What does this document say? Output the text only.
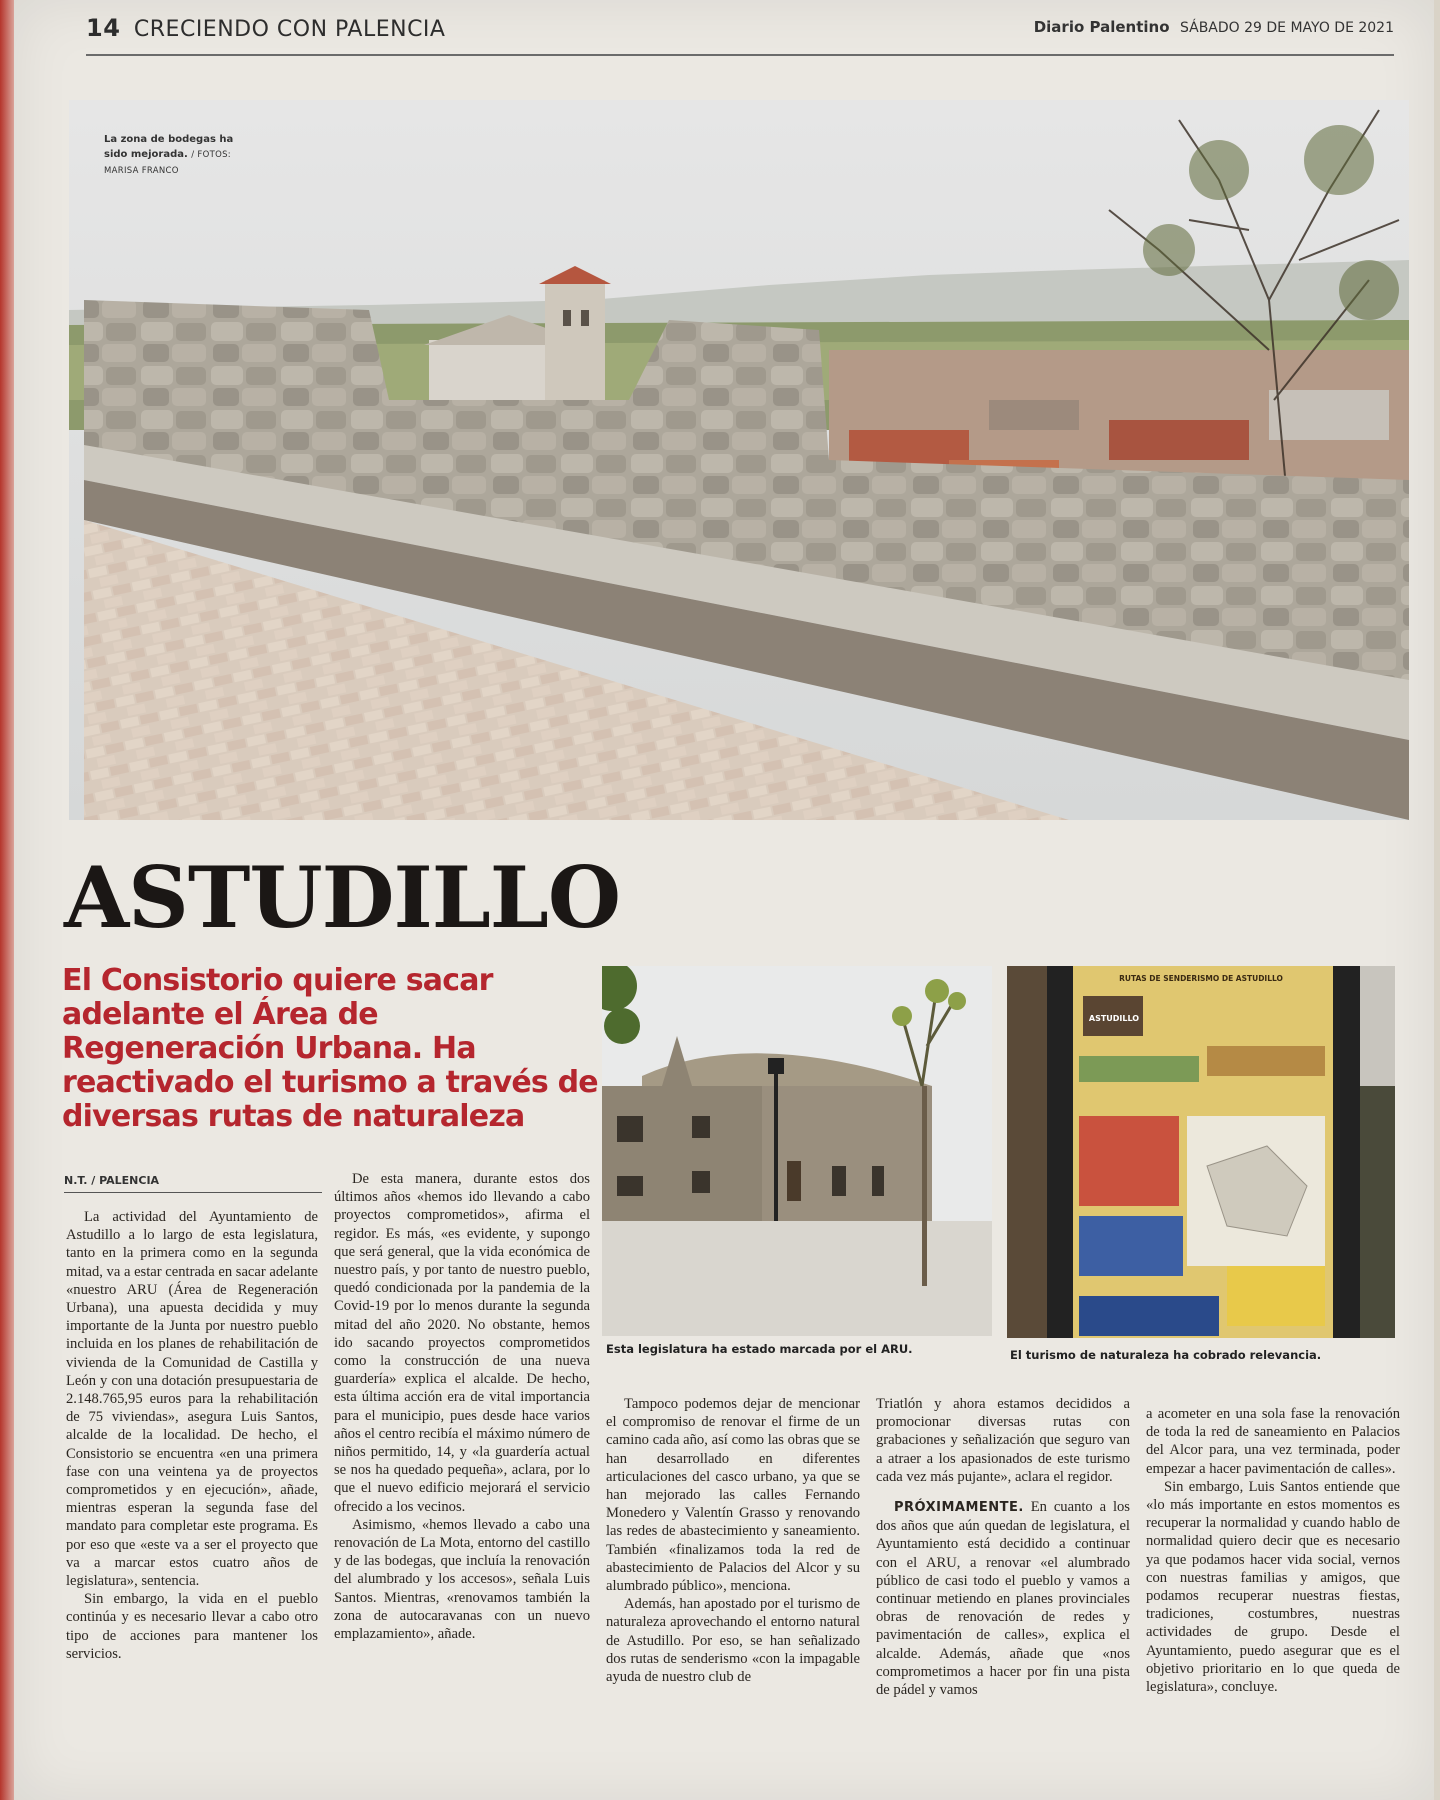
14 CRECIENDO CON PALENCIA	Diario Palentino SÁBADO 29 DE MAYO DE 2021
La zona de bodegas ha sido mejorada. / FOTOS: MARISA FRANCO
ASTUDILLO
El Consistorio quiere sacar adelante el Área de Regeneración Urbana. Ha reactivado el turismo a través de diversas rutas de naturaleza
Esta legislatura ha estado marcada por el ARU.
RUTAS DE SENDERISMO DE ASTUDILLO
ASTUDILLO
El turismo de naturaleza ha cobrado relevancia.
N.T. / PALENCIA

La actividad del Ayuntamiento de Astudillo a lo largo de esta legislatura, tanto en la primera como en la segunda mitad, va a estar centrada en sacar adelante «nuestro ARU (Área de Regeneración Urbana), una apuesta decidida y muy importante de la Junta por nuestro pueblo incluida en los planes de rehabilitación de vivienda de la Comunidad de Castilla y León y con una dotación presupuestaria de 2.148.765,95 euros para la rehabilitación de 75 viviendas», asegura Luis Santos, alcalde de la localidad. De hecho, el Consistorio se encuentra «en una primera fase con una veintena ya de proyectos comprometidos y en ejecución», añade, mientras esperan la segunda fase del mandato para completar este programa. Es por eso que «este va a ser el proyecto que va a marcar estos cuatro años de legislatura», sentencia.

Sin embargo, la vida en el pueblo continúa y es necesario llevar a cabo otro tipo de acciones para mantener los servicios.

De esta manera, durante estos dos últimos años «hemos ido llevando a cabo proyectos comprometidos», afirma el regidor. Es más, «es evidente, y supongo que será general, que la vida económica de nuestro país, y por tanto de nuestro pueblo, quedó condicionada por la pandemia de la Covid-19 por lo menos durante la segunda mitad del año 2020. No obstante, hemos ido sacando proyectos comprometidos como la construcción de una nueva guardería» explica el alcalde. De hecho, esta última acción era de vital importancia para el municipio, pues desde hace varios años el centro recibía el máximo número de niños permitido, 14, y «la guardería actual se nos ha quedado pequeña», aclara, por lo que el nuevo edificio mejorará el servicio ofrecido a los vecinos.

Asimismo, «hemos llevado a cabo una renovación de La Mota, entorno del castillo y de las bodegas, que incluía la renovación del alumbrado y los accesos», señala Luis Santos. Mientras, «renovamos también la zona de autocaravanas con un nuevo emplazamiento», añade.

Tampoco podemos dejar de mencionar el compromiso de renovar el firme de un camino cada año, así como las obras que se han desarrollado en diferentes articulaciones del casco urbano, ya que se han mejorado las calles Fernando Monedero y Valentín Grasso y renovando las redes de abastecimiento y saneamiento. También «finalizamos toda la red de abastecimiento de Palacios del Alcor y su alumbrado público», menciona.

Además, han apostado por el turismo de naturaleza aprovechando el entorno natural de Astudillo. Por eso, se han señalizado dos rutas de senderismo «con la impagable ayuda de nuestro club de

Triatlón y ahora estamos decididos a promocionar diversas rutas con grabaciones y señalización que seguro van a atraer a los apasionados de este turismo cada vez más pujante», aclara el regidor.

PRÓXIMAMENTE. En cuanto a los dos años que aún quedan de legislatura, el Ayuntamiento está decidido a continuar con el ARU, a renovar «el alumbrado público de casi todo el pueblo y vamos a continuar metiendo en planes provinciales obras de renovación de redes y pavimentación de calles», explica el alcalde. Además, añade que «nos comprometimos a hacer por fin una pista de pádel y vamos

a acometer en una sola fase la renovación de toda la red de saneamiento en Palacios del Alcor para, una vez terminada, poder empezar a hacer pavimentación de calles».

Sin embargo, Luis Santos entiende que «lo más importante en estos momentos es recuperar la normalidad y cuando hablo de normalidad quiero decir que es necesario ya que podamos hacer vida social, vernos con nuestras familias y amigos, que podamos recuperar nuestras fiestas, tradiciones, costumbres, nuestras actividades de grupo. Desde el Ayuntamiento, puedo asegurar que es el objetivo prioritario en lo que queda de legislatura», concluye.
